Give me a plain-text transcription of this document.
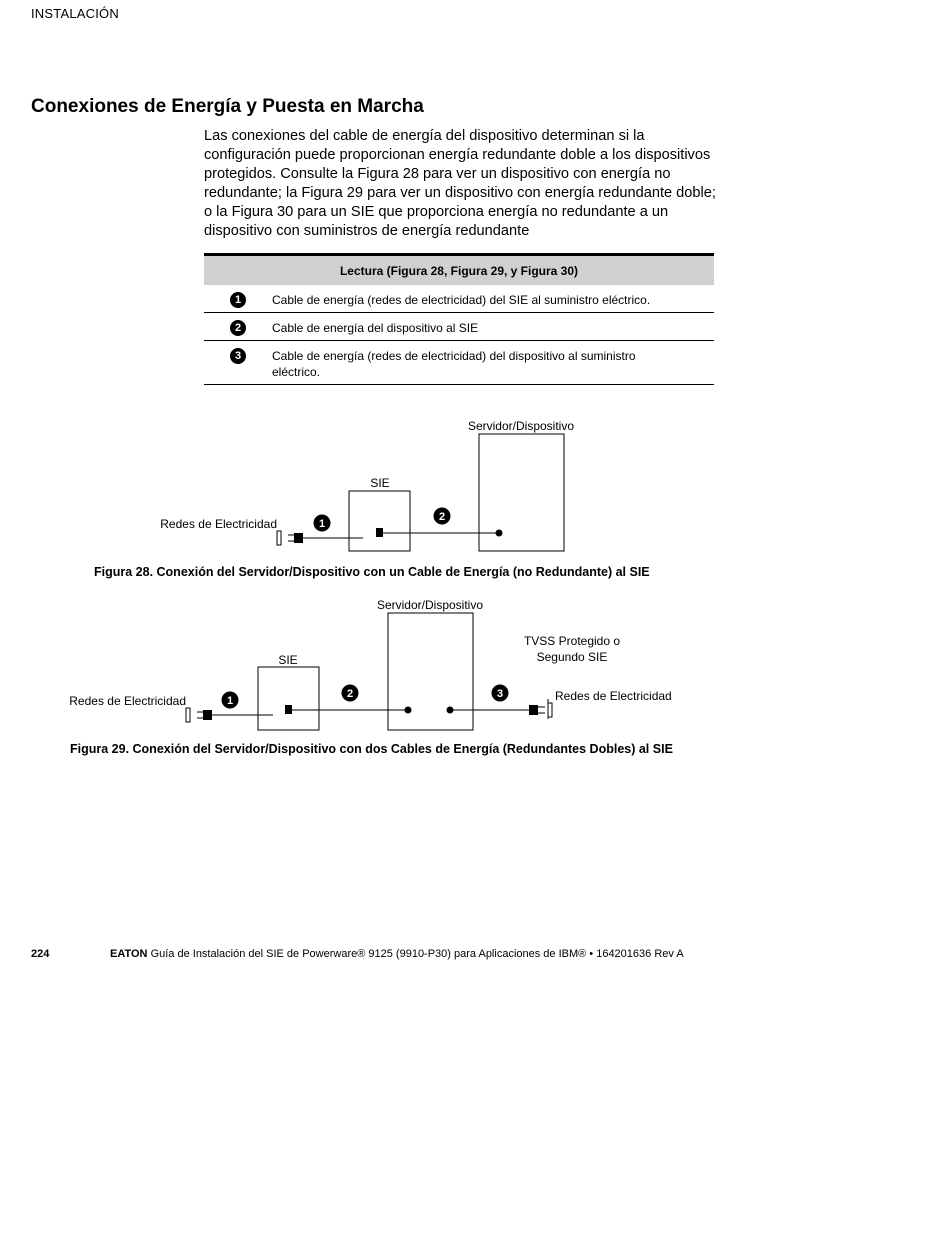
INSTALACIÓN
Conexiones de Energía y Puesta en Marcha

Las conexiones del cable de energía del dispositivo determinan si la configuración puede proporcionan energía redundante doble a los dispositivos protegidos. Consulte la Figura 28 para ver un dispositivo con energía no redundante; la Figura 29 para ver un dispositivo con energía redundante doble; o la Figura 30 para un SIE que proporciona energía no redundante a un dispositivo con suministros de energía redundante

Lectura (Figura 28, Figura 29, y Figura 30)	
1	Cable de energía (redes de electricidad) del SIE al suministro eléctrico.
2	Cable de energía del dispositivo al SIE
3	Cable de energía (redes de electricidad) del dispositivo al suministro eléctrico.
Servidor/Dispositivo
SIE
Redes de Electricidad	1
2
Figura 28. Conexión del Servidor/Dispositivo con un Cable de Energía (no Redundante) al SIE
Servidor/Dispositivo
SIE
TVSS Protegido o
Segundo SIE
Redes de Electricidad	Redes de Electricidad
1
2	3
Figura 29. Conexión del Servidor/Dispositivo con dos Cables de Energía (Redundantes Dobles) al SIE
224	EATON Guía de Instalación del SIE de Powerware® 9125 (9910-P30) para Aplicaciones de IBM® • 164201636 Rev A
